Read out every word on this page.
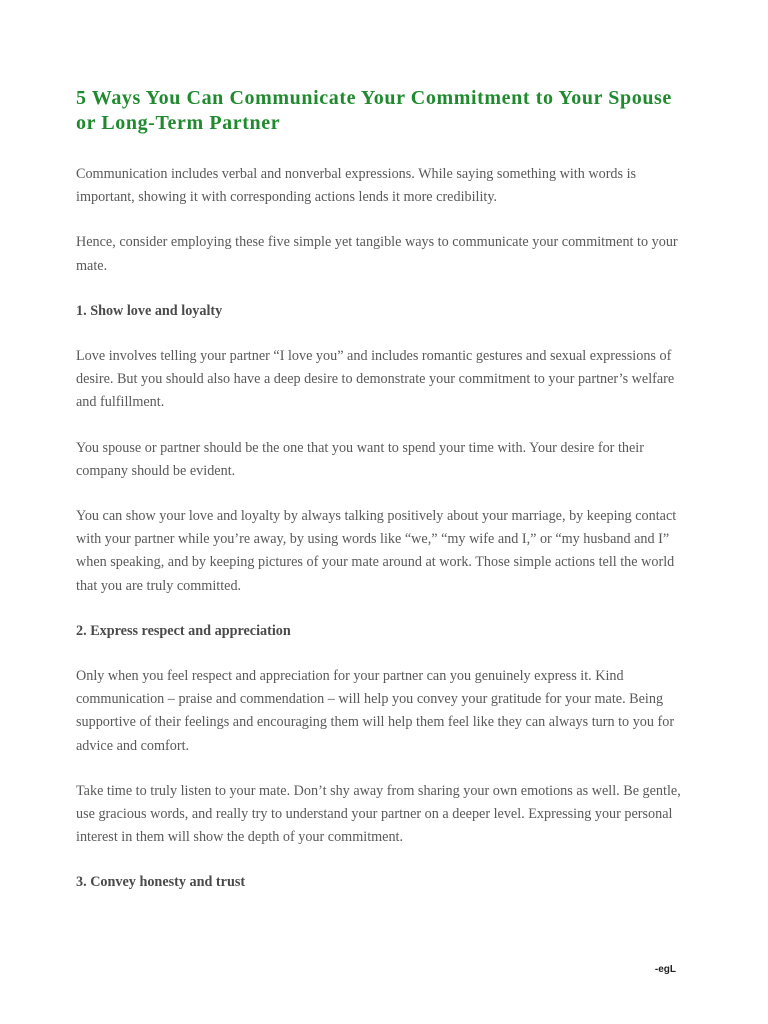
5 Ways You Can Communicate Your Commitment to Your Spouse or Long-Term Partner

Communication includes verbal and nonverbal expressions. While saying something with words is important, showing it with corresponding actions lends it more credibility.

Hence, consider employing these five simple yet tangible ways to communicate your commitment to your mate.

1. Show love and loyalty

Love involves telling your partner “I love you” and includes romantic gestures and sexual expressions of desire. But you should also have a deep desire to demonstrate your commitment to your partner’s welfare and fulfillment.

You spouse or partner should be the one that you want to spend your time with. Your desire for their company should be evident.

You can show your love and loyalty by always talking positively about your marriage, by keeping contact with your partner while you’re away, by using words like “we,” “my wife and I,” or “my husband and I” when speaking, and by keeping pictures of your mate around at work. Those simple actions tell the world that you are truly committed.

2. Express respect and appreciation

Only when you feel respect and appreciation for your partner can you genuinely express it. Kind communication – praise and commendation – will help you convey your gratitude for your mate. Being supportive of their feelings and encouraging them will help them feel like they can always turn to you for advice and comfort.

Take time to truly listen to your mate. Don’t shy away from sharing your own emotions as well. Be gentle, use gracious words, and really try to understand your partner on a deeper level. Expressing your personal interest in them will show the depth of your commitment.

3. Convey honesty and trust

-egL
